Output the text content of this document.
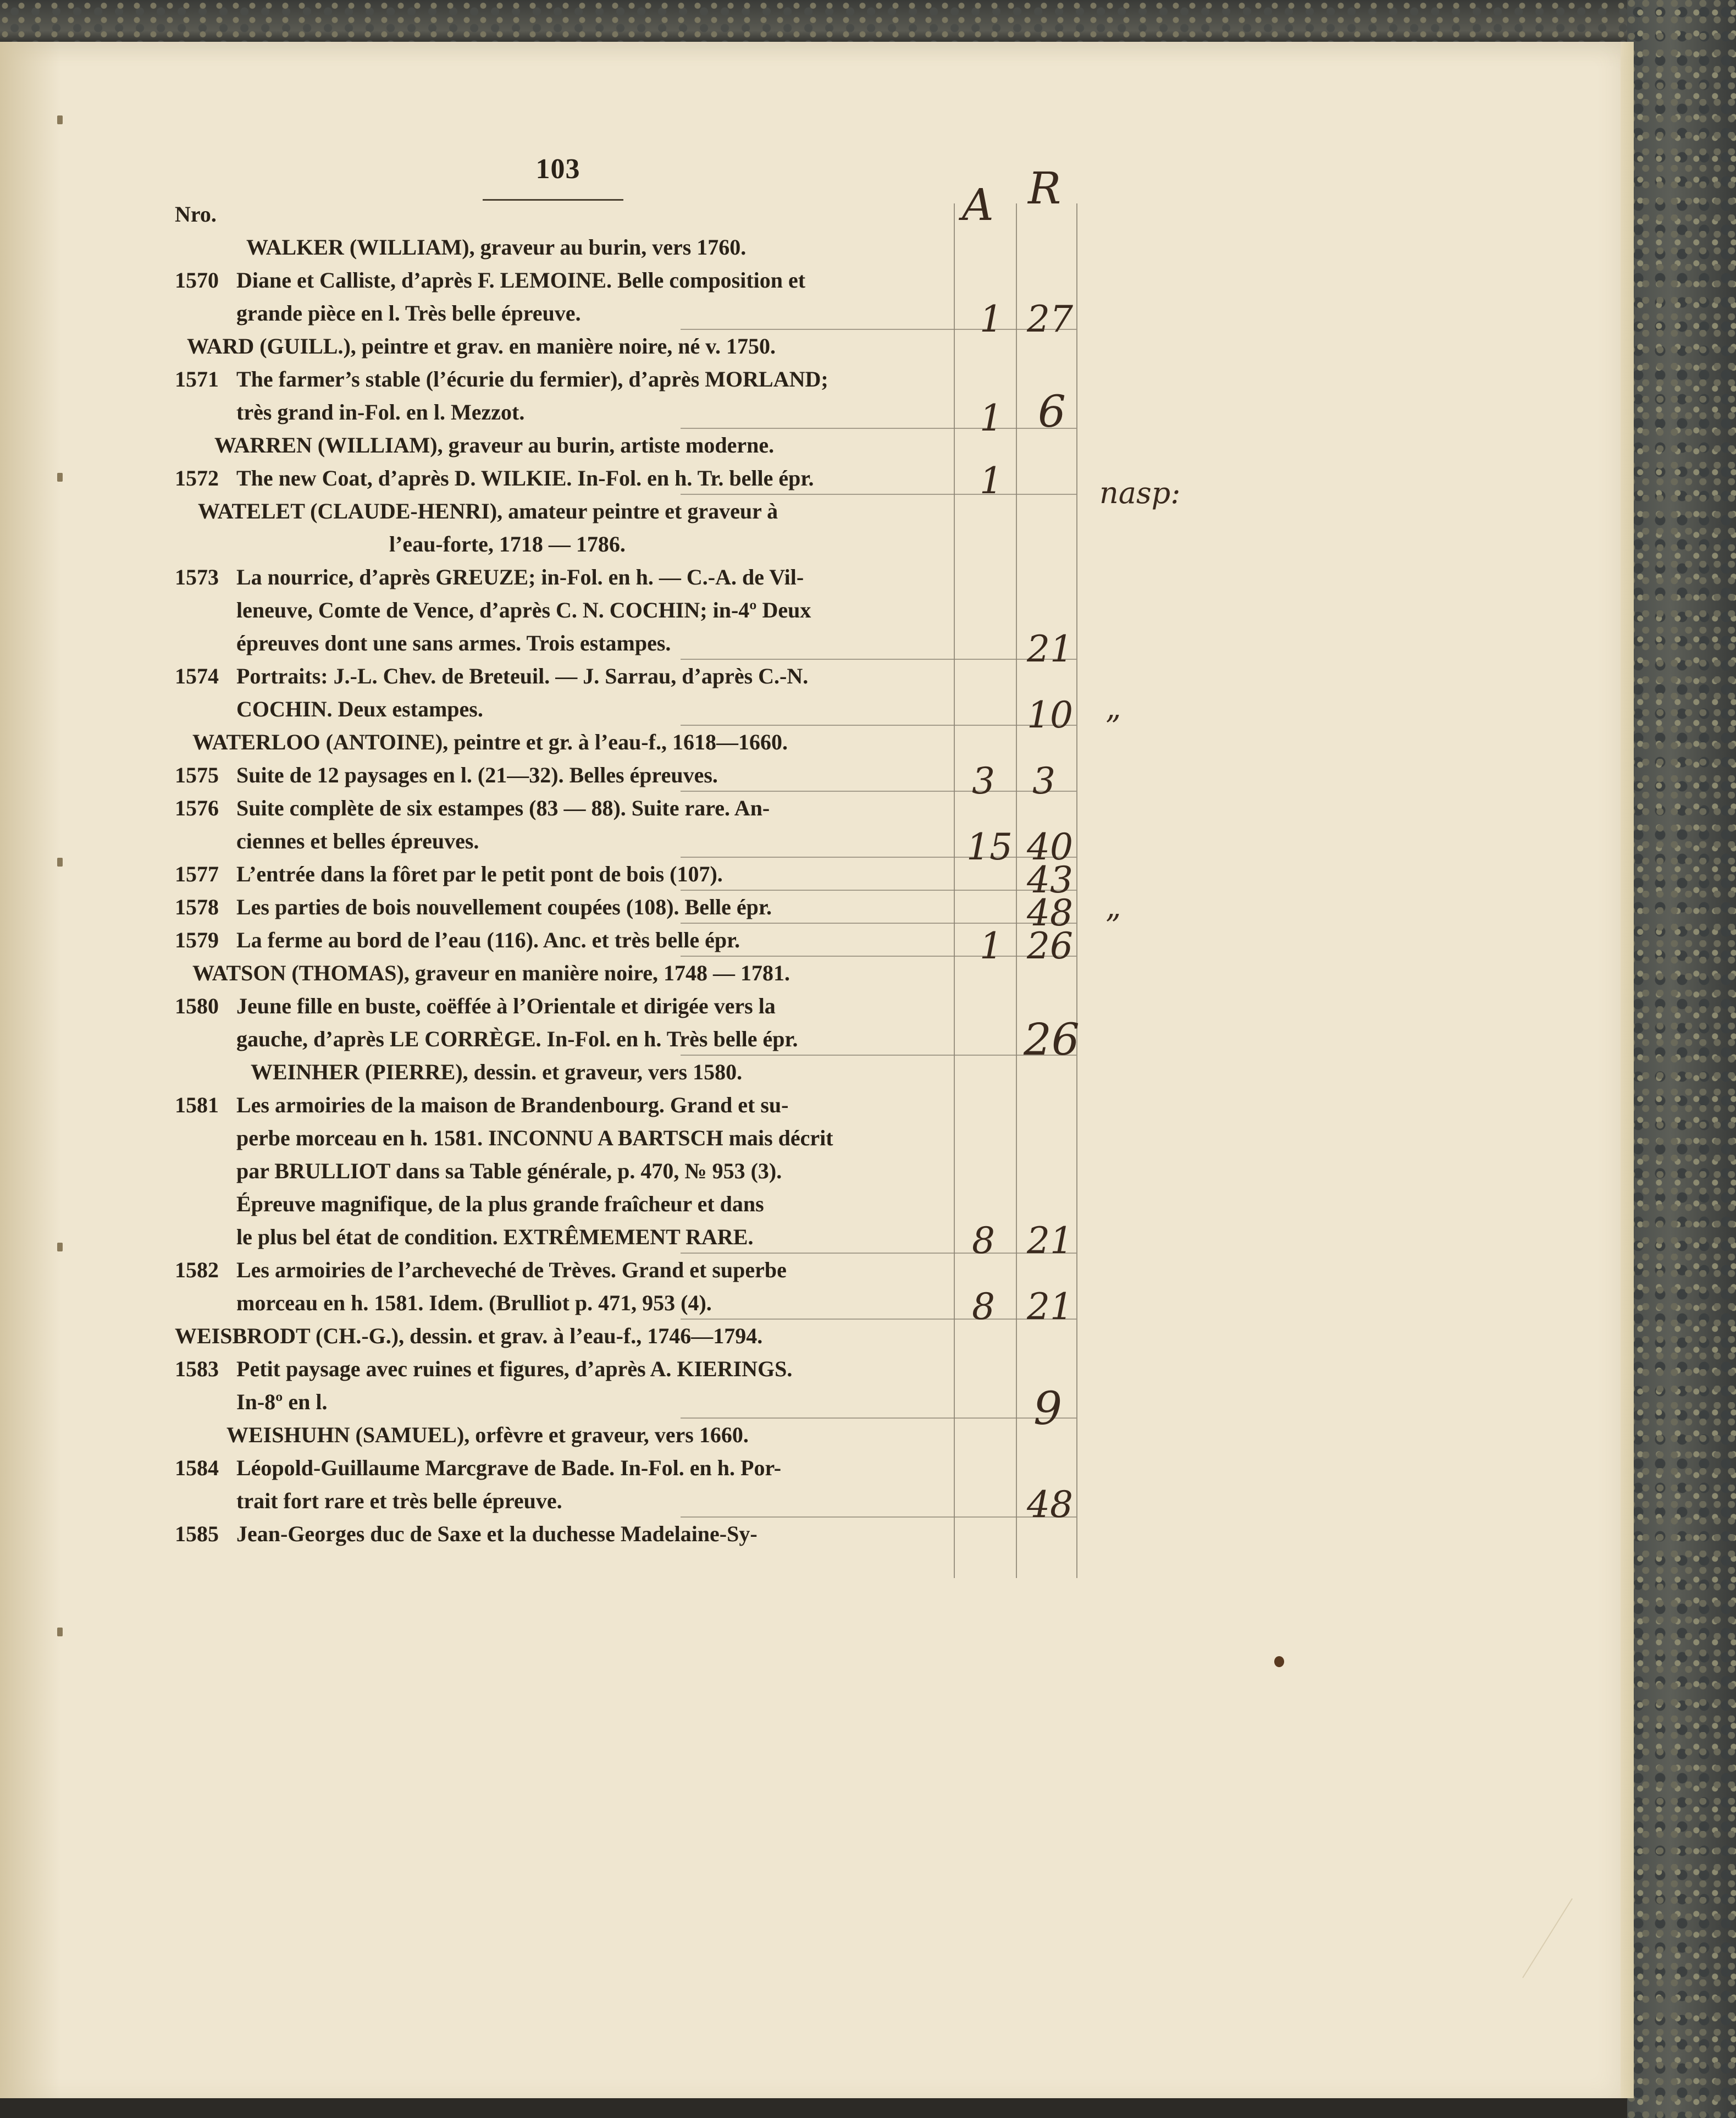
103
Nro.
WALKER (WILLIAM), graveur au burin, vers 1760.
1570 Diane et Calliste, d’après F. LEMOINE. Belle composition et
grande pièce en l. Très belle épreuve.
WARD (GUILL.), peintre et grav. en manière noire, né v. 1750.
1571 The farmer’s stable (l’écurie du fermier), d’après MORLAND;
très grand in-Fol. en l. Mezzot.
WARREN (WILLIAM), graveur au burin, artiste moderne.
1572 The new Coat, d’après D. WILKIE. In-Fol. en h. Tr. belle épr.
WATELET (CLAUDE-HENRI), amateur peintre et graveur à
l’eau-forte, 1718 — 1786.
1573 La nourrice, d’après GREUZE; in-Fol. en h. — C.-A. de Vil-
leneuve, Comte de Vence, d’après C. N. COCHIN; in-4º Deux
épreuves dont une sans armes. Trois estampes.
1574 Portraits: J.-L. Chev. de Breteuil. — J. Sarrau, d’après C.-N.
COCHIN. Deux estampes.
WATERLOO (ANTOINE), peintre et gr. à l’eau-f., 1618—1660.
1575 Suite de 12 paysages en l. (21—32). Belles épreuves.
1576 Suite complète de six estampes (83 — 88). Suite rare. An-
ciennes et belles épreuves.
1577 L’entrée dans la fôret par le petit pont de bois (107).
1578 Les parties de bois nouvellement coupées (108). Belle épr.
1579 La ferme au bord de l’eau (116). Anc. et très belle épr.
WATSON (THOMAS), graveur en manière noire, 1748 — 1781.
1580 Jeune fille en buste, coëffée à l’Orientale et dirigée vers la
gauche, d’après LE CORRÈGE. In-Fol. en h. Très belle épr.
WEINHER (PIERRE), dessin. et graveur, vers 1580.
1581 Les armoiries de la maison de Brandenbourg. Grand et su-
perbe morceau en h. 1581. INCONNU A BARTSCH mais décrit
par BRULLIOT dans sa Table générale, p. 470, № 953 (3).
Épreuve magnifique, de la plus grande fraîcheur et dans
le plus bel état de condition. EXTRÊMEMENT RARE.
1582 Les armoiries de l’archeveché de Trèves. Grand et superbe
morceau en h. 1581. Idem. (Brulliot p. 471, 953 (4).
WEISBRODT (CH.-G.), dessin. et grav. à l’eau-f., 1746—1794.
1583 Petit paysage avec ruines et figures, d’après A. KIERINGS.
In-8º en l.
WEISHUHN (SAMUEL), orfèvre et graveur, vers 1660.
1584 Léopold-Guillaume Marcgrave de Bade. In-Fol. en h. Por-
trait fort rare et très belle épreuve.
1585 Jean-Georges duc de Saxe et la duchesse Madelaine-Sy-
A R
1 27
1 6
1	nasp:
21
10 ”
3 3
15 40
43
48 ”
1 26
26
8 21
8 21
9
48
